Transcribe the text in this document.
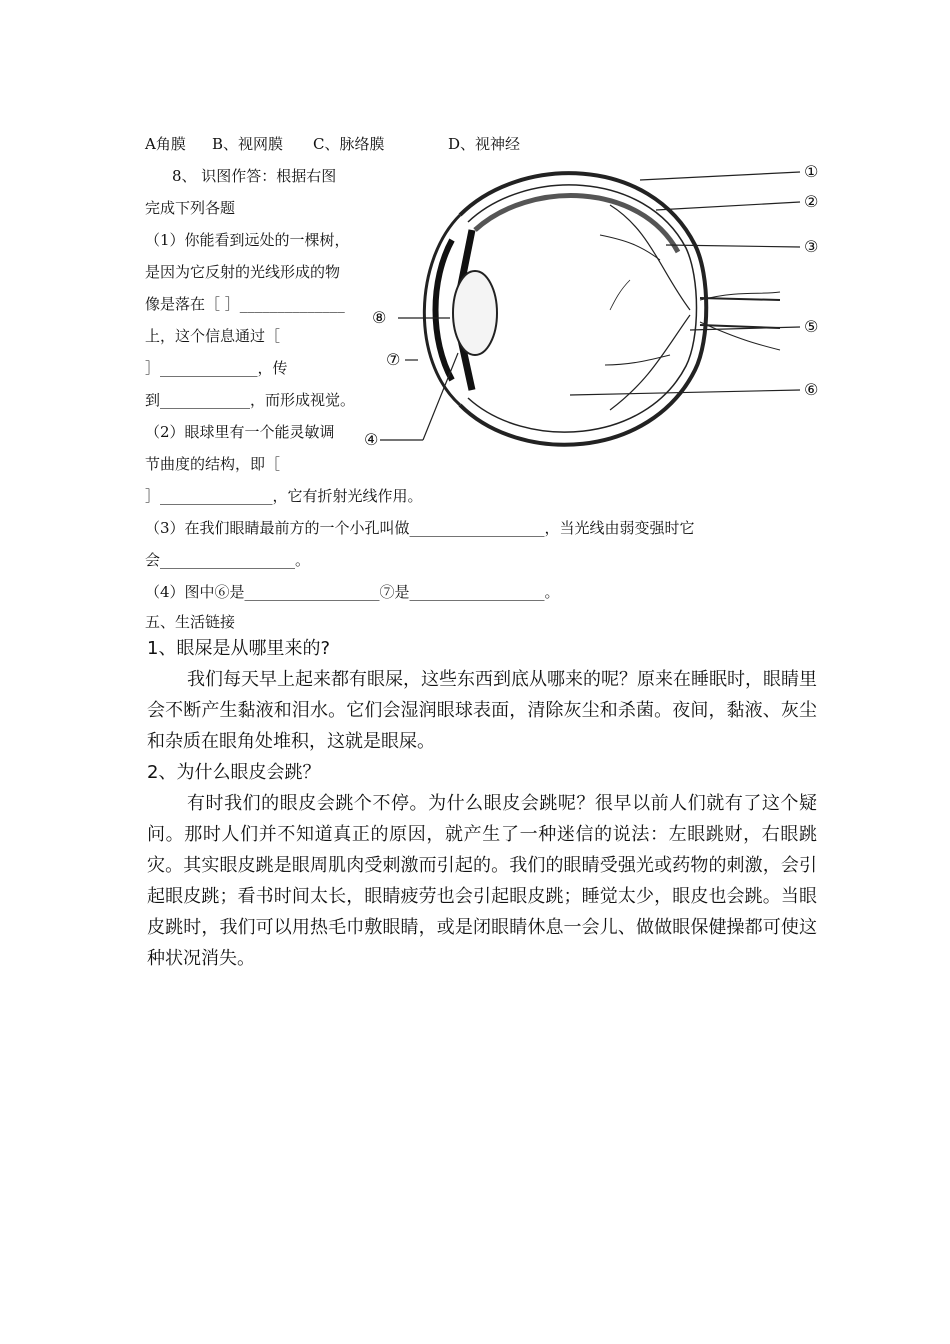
A角膜 B、视网膜 C、脉络膜	D、视神经
8、 识图作答：根据右图
完成下列各题
（1）你能看到远处的一棵树，
是因为它反射的光线形成的物
像是落在［ ］______________
上，这个信息通过［
］_____________，传
到____________，而形成视觉。
（2）眼球里有一个能灵敏调
节曲度的结构，即［
］_______________，它有折射光线作用。
（3）在我们眼睛最前方的一个小孔叫做__________________，当光线由弱变强时它
会__________________。
（4）图中⑥是__________________⑦是__________________。
①
②
③
④
⑤
⑥
⑦
⑧
五、生活链接

1、眼屎是从哪里来的?

我们每天早上起来都有眼屎，这些东西到底从哪来的呢？原来在睡眠时，眼睛里会不断产生黏液和泪水。它们会湿润眼球表面，清除灰尘和杀菌。夜间，黏液、灰尘和杂质在眼角处堆积，这就是眼屎。

2、为什么眼皮会跳？

有时我们的眼皮会跳个不停。为什么眼皮会跳呢？很早以前人们就有了这个疑问。那时人们并不知道真正的原因，就产生了一种迷信的说法：左眼跳财，右眼跳灾。其实眼皮跳是眼周肌肉受刺激而引起的。我们的眼睛受强光或药物的刺激，会引起眼皮跳；看书时间太长，眼睛疲劳也会引起眼皮跳；睡觉太少，眼皮也会跳。当眼皮跳时，我们可以用热毛巾敷眼睛，或是闭眼睛休息一会儿、做做眼保健操都可使这种状况消失。
